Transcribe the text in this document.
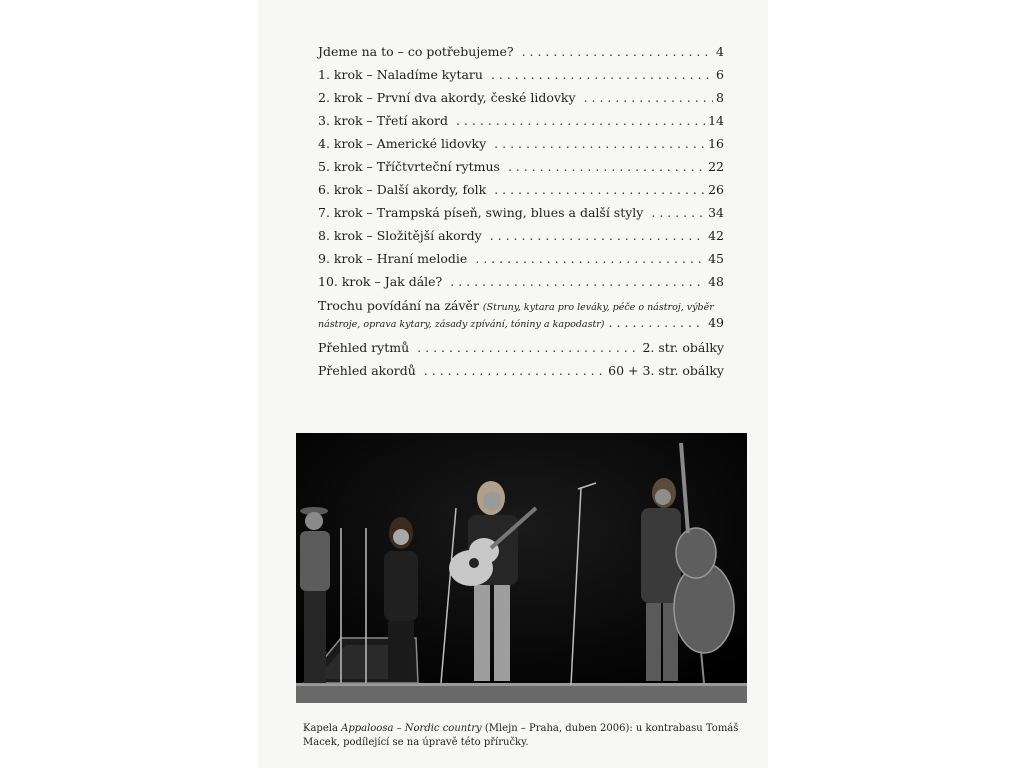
Jdeme na to – co potřebujeme? . . .	4
1. krok – Naladíme kytaru . . .	6
2. krok – První dva akordy, české lidovky . . .	8
3. krok – Třetí akord . . .	14
4. krok – Americké lidovky . . .	16
5. krok – Tříčtvrteční rytmus . . .	22
6. krok – Další akordy, folk . . .	26
7. krok – Trampská píseň, swing, blues a další styly . . .	34
8. krok – Složitější akordy . . .	42
9. krok – Hraní melodie . . .	45
10. krok – Jak dále? . . .	48
Trochu povídání na závěr (Struny, kytara pro leváky, péče o nástroj, výběr
nástroje, oprava kytary, zásady zpívání, tóniny a kapodastr) . . .	49
Přehled rytmů . . .	2. str. obálky
Přehled akordů . . .	60 + 3. str. obálky
Kapela Appaloosa – Nordic country (Mlejn – Praha, duben 2006): u kontrabasu Tomáš
Macek, podílející se na úpravě této příručky.
